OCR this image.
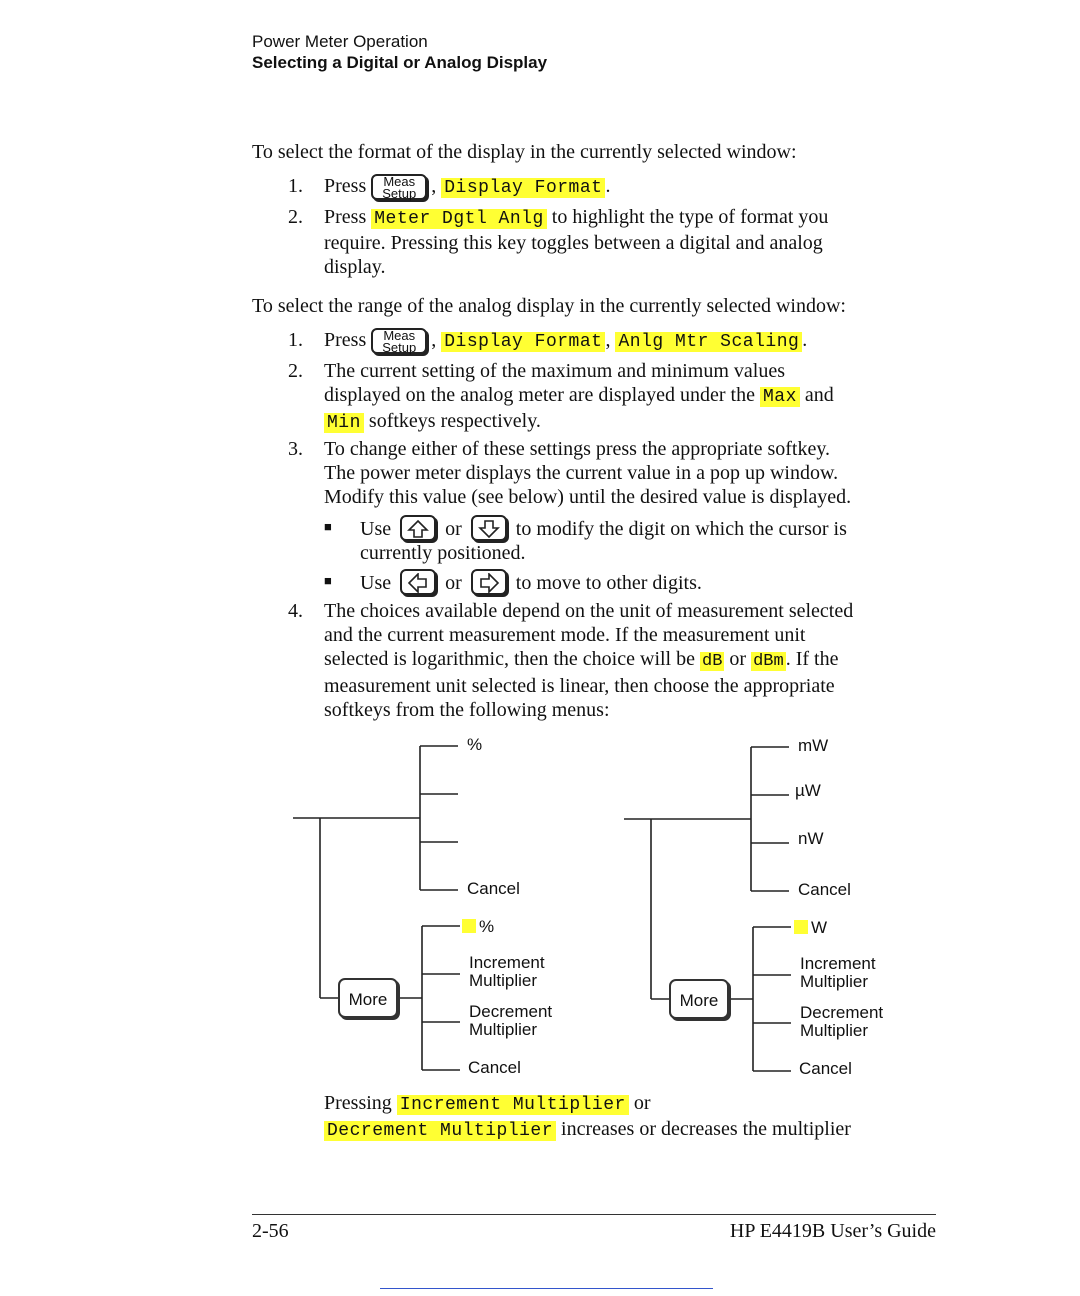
Power Meter Operation
Selecting a Digital or Analog Display

To select the format of the display in the currently selected window:

1. Press Meas
Setup , Display Format .
2. Press Meter Dgtl Anlg to highlight the type of format you
require. Pressing this key toggles between a digital and analog
display.

To select the range of the analog display in the currently selected window:

1. Press Meas
Setup , Display Format , Anlg Mtr Scaling .
2. The current setting of the maximum and minimum values
displayed on the analog meter are displayed under the Max and
Min softkeys respectively.
3. To change either of these settings press the appropriate softkey.
The power meter displays the current value in a pop up window.
Modify this value (see below) until the desired value is displayed.
■ Use	or	to modify the digit on which the cursor is
currently positioned.
■ Use	or	to move to other digits.
4. The choices available depend on the unit of measurement selected
and the current measurement mode. If the measurement unit
selected is logarithmic, then the choice will be dB or dBm . If the
measurement unit selected is linear, then choose the appropriate
softkeys from the following menus:
%
Cancel
More
%
Increment
Multiplier
Decrement
Multiplier
Cancel
mW
µW
nW
Cancel
More
W
Increment
Multiplier
Decrement
Multiplier
Cancel
Pressing Increment Multiplier or
Decrement Multiplier increases or decreases the multiplier
2-56	HP E4419B User’s Guide
